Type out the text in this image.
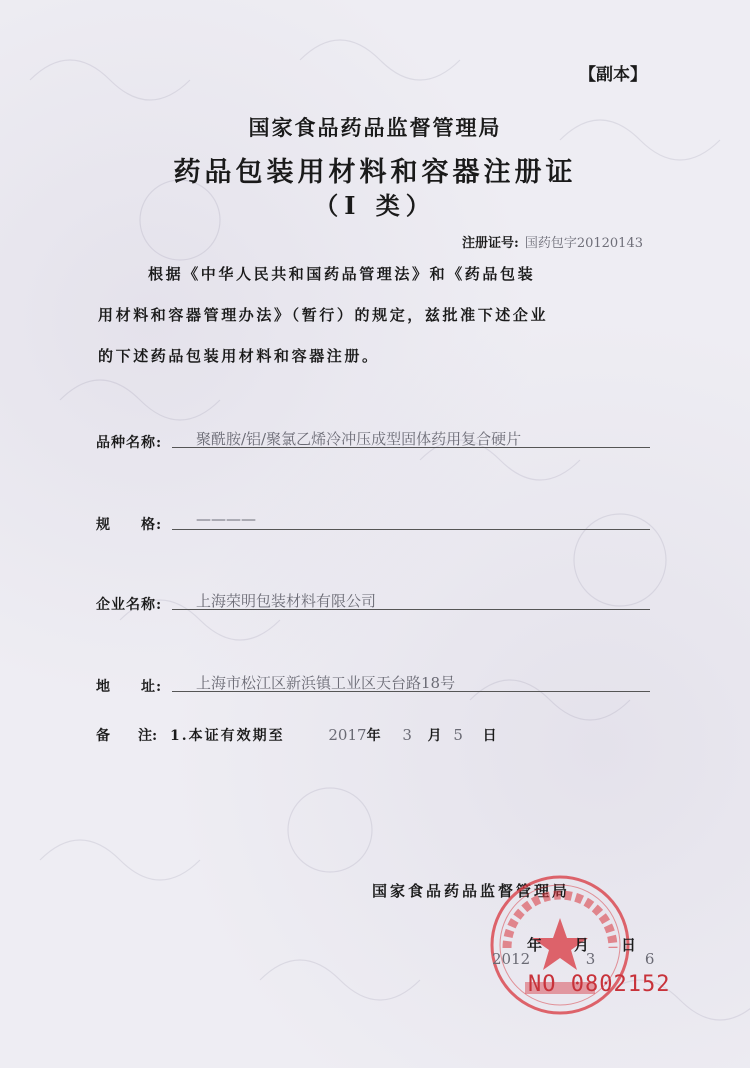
【副本】
国家食品药品监督管理局
药品包装用材料和容器注册证
（I 类）
注册证号: 国药包字20120143

根据《中华人民共和国药品管理法》和《药品包装

用材料和容器管理办法》（暂行）的规定，兹批准下述企业

的下述药品包装用材料和容器注册。

品种名称:	聚酰胺/铝/聚氯乙烯冷冲压成型固体药用复合硬片
规　　格:	————
企业名称:	上海荣明包装材料有限公司
地　　址:	上海市松江区新浜镇工业区天台路18号
备　　注: 1.本证有效期至	2017年 3 月 5 日
国家食品药品监督管理局
年 月 日
2012	3	6
NO 0802152
